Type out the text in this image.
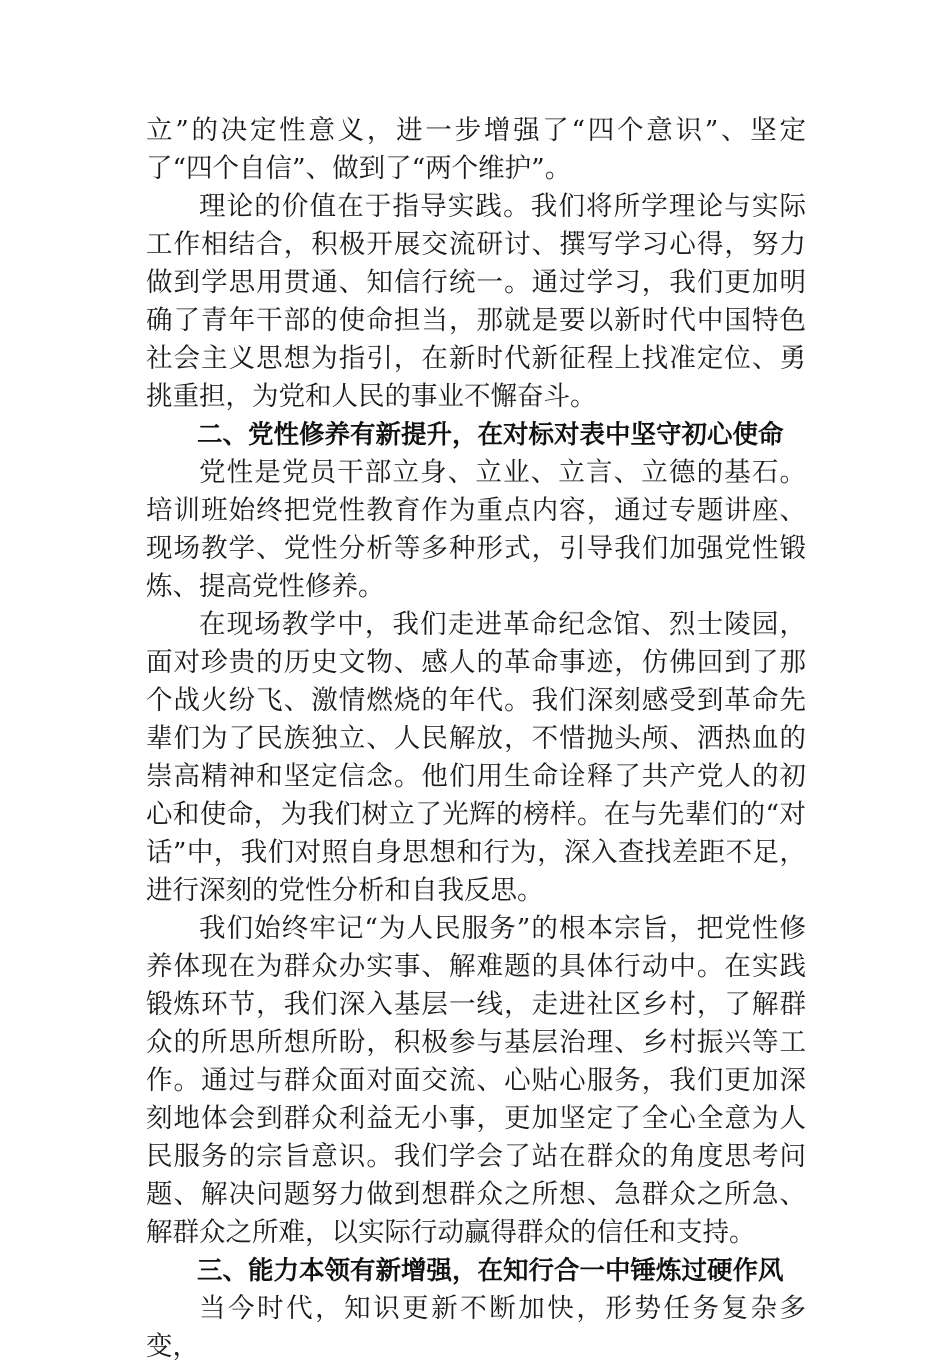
立”的决定性意义，进一步增强了“四个意识”、坚定了“四个自信”、做到了“两个维护”。

理论的价值在于指导实践。我们将所学理论与实际工作相结合，积极开展交流研讨、撰写学习心得，努力做到学思用贯通、知信行统一。通过学习，我们更加明确了青年干部的使命担当，那就是要以新时代中国特色社会主义思想为指引，在新时代新征程上找准定位、勇挑重担，为党和人民的事业不懈奋斗。

二、党性修养有新提升，在对标对表中坚守初心使命

党性是党员干部立身、立业、立言、立德的基石。培训班始终把党性教育作为重点内容，通过专题讲座、现场教学、党性分析等多种形式，引导我们加强党性锻炼、提高党性修养。

在现场教学中，我们走进革命纪念馆、烈士陵园，面对珍贵的历史文物、感人的革命事迹，仿佛回到了那个战火纷飞、激情燃烧的年代。我们深刻感受到革命先辈们为了民族独立、人民解放，不惜抛头颅、洒热血的崇高精神和坚定信念。他们用生命诠释了共产党人的初心和使命，为我们树立了光辉的榜样。在与先辈们的“对话”中，我们对照自身思想和行为，深入查找差距不足，进行深刻的党性分析和自我反思。

我们始终牢记“为人民服务”的根本宗旨，把党性修养体现在为群众办实事、解难题的具体行动中。在实践锻炼环节，我们深入基层一线，走进社区乡村，了解群众的所思所想所盼，积极参与基层治理、乡村振兴等工作。通过与群众面对面交流、心贴心服务，我们更加深刻地体会到群众利益无小事，更加坚定了全心全意为人民服务的宗旨意识。我们学会了站在群众的角度思考问题、解决问题努力做到想群众之所想、急群众之所急、解群众之所难，以实际行动赢得群众的信任和支持。

三、能力本领有新增强，在知行合一中锤炼过硬作风

当今时代，知识更新不断加快，形势任务复杂多变，
